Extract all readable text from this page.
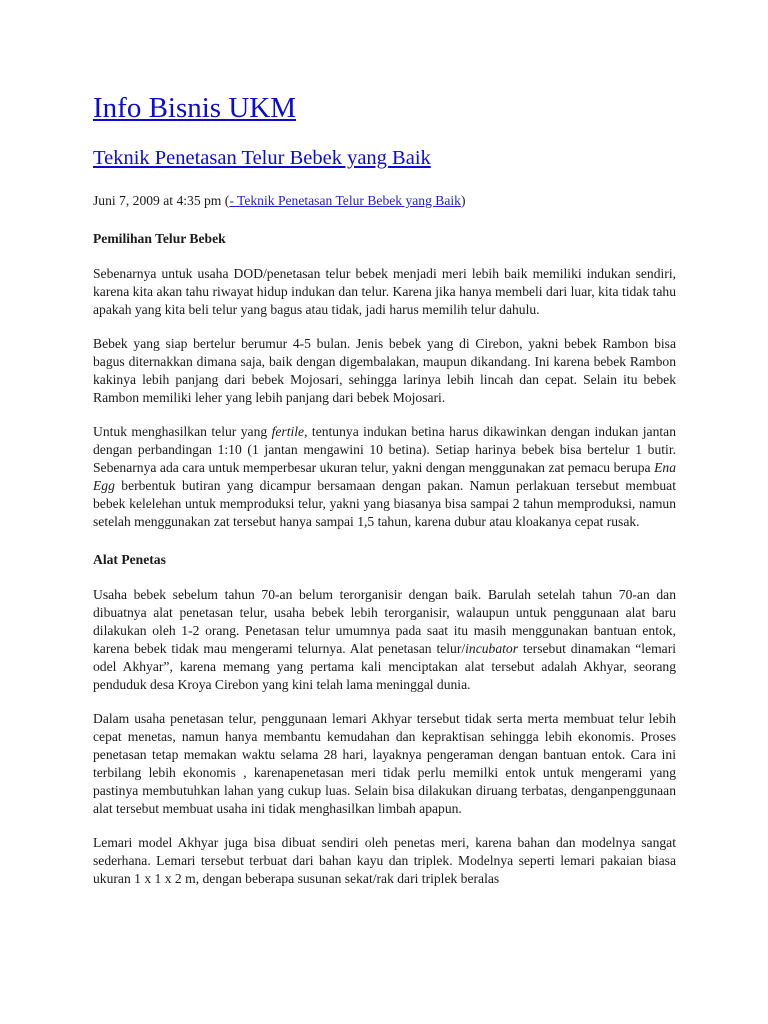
Info Bisnis UKM
Teknik Penetasan Telur Bebek yang Baik
Juni 7, 2009 at 4:35 pm (- Teknik Penetasan Telur Bebek yang Baik)
Pemilihan Telur Bebek

Sebenarnya untuk usaha DOD/penetasan telur bebek menjadi meri lebih baik memiliki indukan sendiri, karena kita akan tahu riwayat hidup indukan dan telur. Karena jika hanya membeli dari luar, kita tidak tahu apakah yang kita beli telur yang bagus atau tidak, jadi harus memilih telur dahulu.

Bebek yang siap bertelur berumur 4-5 bulan. Jenis bebek yang di Cirebon, yakni bebek Rambon bisa bagus diternakkan dimana saja, baik dengan digembalakan, maupun dikandang. Ini karena bebek Rambon kakinya lebih panjang dari bebek Mojosari, sehingga larinya lebih lincah dan cepat. Selain itu bebek Rambon memiliki leher yang lebih panjang dari bebek Mojosari.

Untuk menghasilkan telur yang fertile, tentunya indukan betina harus dikawinkan dengan indukan jantan dengan perbandingan 1:10 (1 jantan mengawini 10 betina). Setiap harinya bebek bisa bertelur 1 butir. Sebenarnya ada cara untuk memperbesar ukuran telur, yakni dengan menggunakan zat pemacu berupa Ena Egg berbentuk butiran yang dicampur bersamaan dengan pakan. Namun perlakuan tersebut membuat bebek kelelehan untuk memproduksi telur, yakni yang biasanya bisa sampai 2 tahun memproduksi, namun setelah menggunakan zat tersebut hanya sampai 1,5 tahun, karena dubur atau kloakanya cepat rusak.

Alat Penetas

Usaha bebek sebelum tahun 70-an belum terorganisir dengan baik. Barulah setelah tahun 70-an dan dibuatnya alat penetasan telur, usaha bebek lebih terorganisir, walaupun untuk penggunaan alat baru dilakukan oleh 1-2 orang. Penetasan telur umumnya pada saat itu masih menggunakan bantuan entok, karena bebek tidak mau mengerami telurnya. Alat penetasan telur/incubator tersebut dinamakan “lemari odel Akhyar”, karena memang yang pertama kali menciptakan alat tersebut adalah Akhyar, seorang penduduk desa Kroya Cirebon yang kini telah lama meninggal dunia.

Dalam usaha penetasan telur, penggunaan lemari Akhyar tersebut tidak serta merta membuat telur lebih cepat menetas, namun hanya membantu kemudahan dan kepraktisan sehingga lebih ekonomis. Proses penetasan tetap memakan waktu selama 28 hari, layaknya pengeraman dengan bantuan entok. Cara ini terbilang lebih ekonomis , karenapenetasan meri tidak perlu memilki entok untuk mengerami yang pastinya membutuhkan lahan yang cukup luas. Selain bisa dilakukan diruang terbatas, denganpenggunaan alat tersebut membuat usaha ini tidak menghasilkan limbah apapun.

Lemari model Akhyar juga bisa dibuat sendiri oleh penetas meri, karena bahan dan modelnya sangat sederhana. Lemari tersebut terbuat dari bahan kayu dan triplek. Modelnya seperti lemari pakaian biasa ukuran 1 x 1 x 2 m, dengan beberapa susunan sekat/rak dari triplek beralas
